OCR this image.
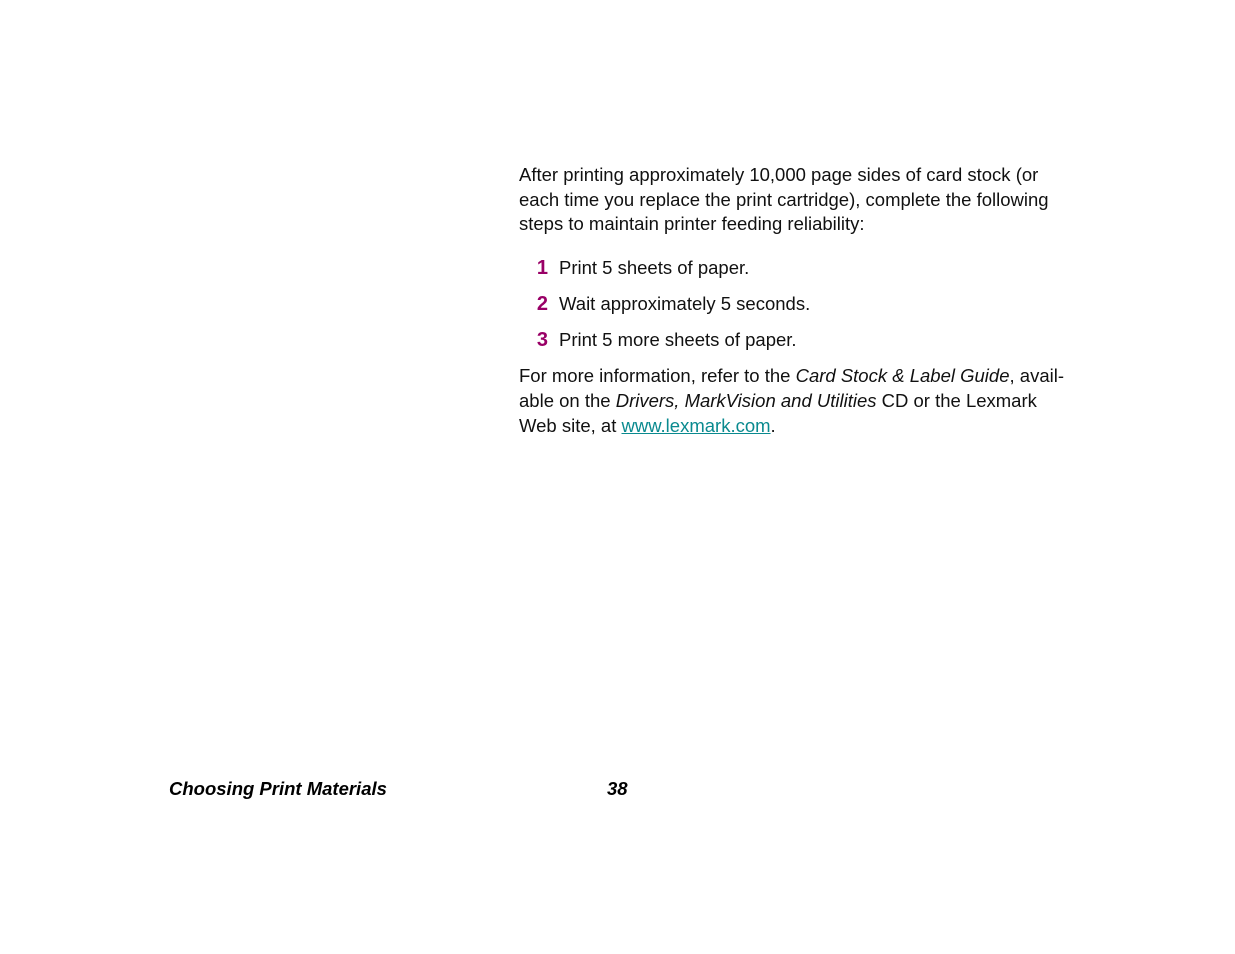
After printing approximately 10,000 page sides of card stock (or each time you replace the print cartridge), complete the following steps to maintain printer feeding reliability:

1 Print 5 sheets of paper.
2 Wait approximately 5 seconds.
3 Print 5 more sheets of paper.

For more information, refer to the Card Stock & Label Guide, avail-able on the Drivers, MarkVision and Utilities CD or the Lexmark Web site, at www.lexmark.com.

Choosing Print Materials	38
